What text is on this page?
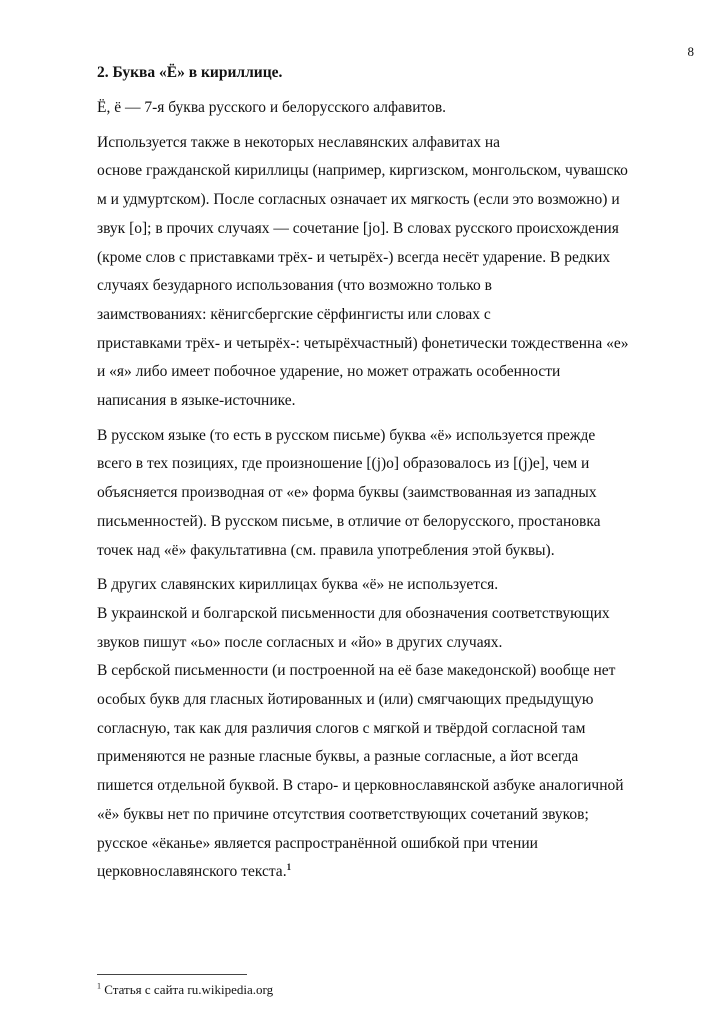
8
2. Буква «Ё» в кириллице.

Ё, ё — 7-я буква русского и белорусского алфавитов.

Используется также в некоторых неславянских алфавитах на
основе гражданской кириллицы (например, киргизском, монгольском, чувашско
м и удмуртском). После согласных означает их мягкость (если это возможно) и
звук [o]; в прочих случаях — сочетание [jo]. В словах русского происхождения
(кроме слов с приставками трёх- и четырёх-) всегда несёт ударение. В редких
случаях безударного использования (что возможно только в
заимствованиях: кёнигсбергские сёрфингисты или словах с
приставками трёх- и четырёх-: четырёхчастный) фонетически тождественна «е»
и «я» либо имеет побочное ударение, но может отражать особенности
написания в языке-источнике.

В русском языке (то есть в русском письме) буква «ё» используется прежде
всего в тех позициях, где произношение [(j)o] образовалось из [(j)e], чем и
объясняется производная от «е» форма буквы (заимствованная из западных
письменностей). В русском письме, в отличие от белорусского, простановка
точек над «ё» факультативна (см. правила употребления этой буквы).

В других славянских кириллицах буква «ё» не используется.
В украинской и болгарской письменности для обозначения соответствующих
звуков пишут «ьо» после согласных и «йо» в других случаях.
В сербской письменности (и построенной на её базе македонской) вообще нет
особых букв для гласных йотированных и (или) смягчающих предыдущую
согласную, так как для различия слогов с мягкой и твёрдой согласной там
применяются не разные гласные буквы, а разные согласные, а йот всегда
пишется отдельной буквой. В старо- и церковнославянской азбуке аналогичной
«ё» буквы нет по причине отсутствия соответствующих сочетаний звуков;
русское «ёканье» является распространённой ошибкой при чтении
церковнославянского текста.$^1$

$^1$ Статья с сайта ru.wikipedia.org
